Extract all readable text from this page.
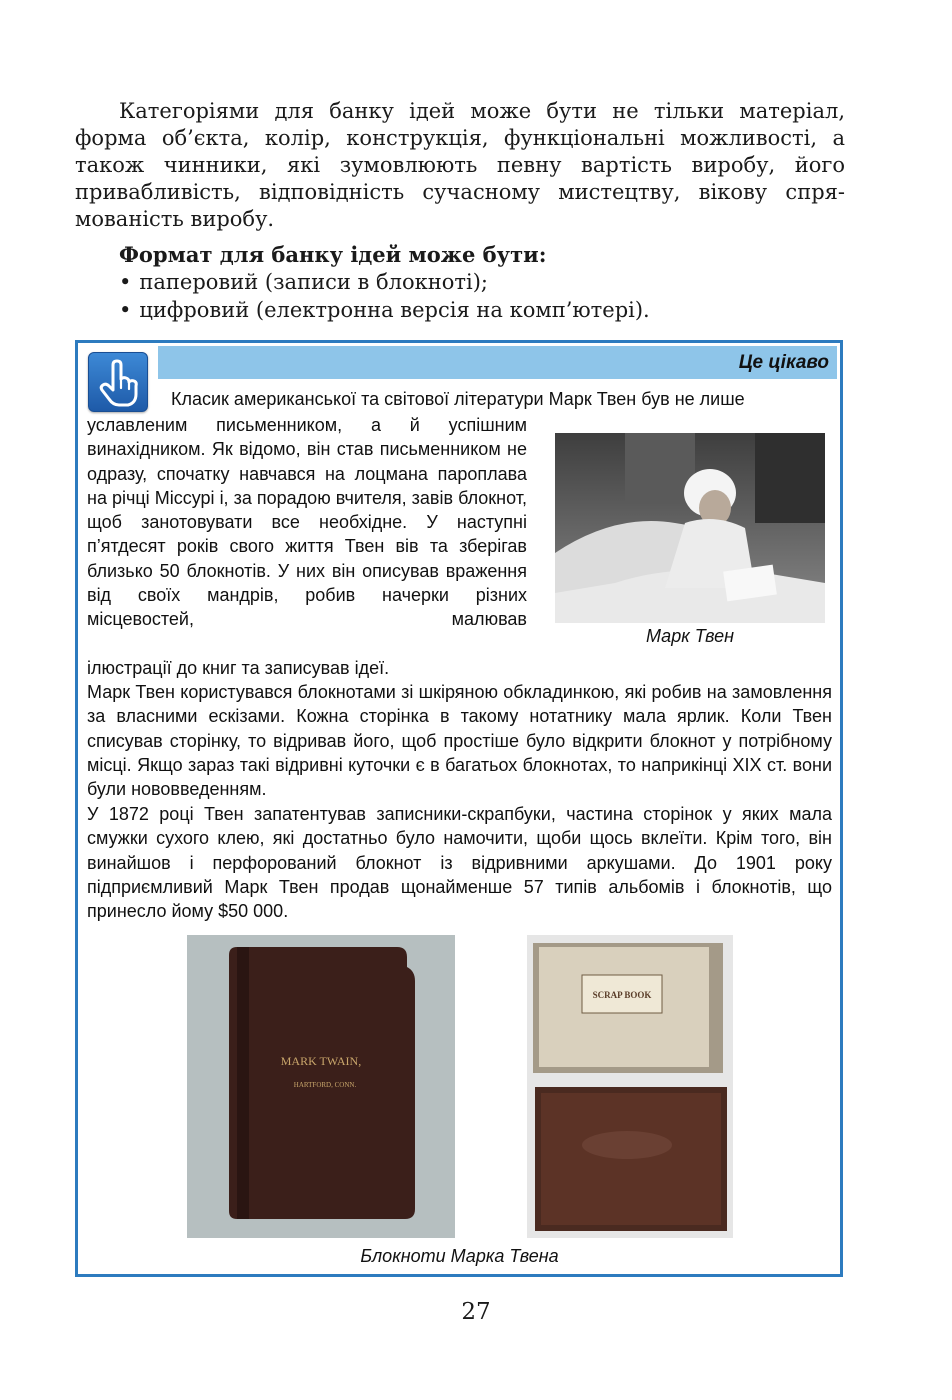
Категоріями для банку ідей може бути не тільки матеріал, форма об’єкта, колір, конструкція, функціональні можливості, а також чинники, які зумовлюють певну вартість виробу, його привабливість, відповідність сучасному мистецтву, вікову спрямованість виробу.

Формат для банку ідей може бути:

• паперовий (записи в блокноті);
• цифровий (електронна версія на комп’ютері).
Це цікаво

Класик американської та світової літератури Марк Твен був не лише

уславленим письменником, а й успішним винахідником. Як відомо, він став письменником не одразу, спочатку навчався на лоцмана пароплава на річці Міссурі і, за порадою вчителя, завів блокнот, щоб занотовувати все необхідне. У наступні п’ятдесят років свого життя Твен вів та зберігав близько 50 блокнотів. У них він описував враження від своїх мандрів, робив начерки різних місцевостей, малював

ілюстрації до книг та записував ідеї.

Марк Твен

Марк Твен користувався блокнотами зі шкіряною обкладинкою, які робив на замовлення за власними ескізами. Кожна сторінка в такому нотатнику мала ярлик. Коли Твен списував сторінку, то відривав його, щоб простіше було відкрити блокнот у потрібному місці. Якщо зараз такі відривні куточки є в багатьох блокнотах, то наприкінці XIX ст. вони були нововведенням.

У 1872 році Твен запатентував записники-скрапбуки, частина сторінок у яких мала смужки сухого клею, які достатньо було намочити, щоби щось вклеїти. Крім того, він винайшов і перфорований блокнот із відривними аркушами. До 1901 року підприємливий Марк Твен продав щонайменше 57 типів альбомів і блокнотів, що принесло йому $50 000.

MARK TWAIN,
HARTFORD, CONN.
SCRAP BOOK
Блокноти Марка Твена
27
